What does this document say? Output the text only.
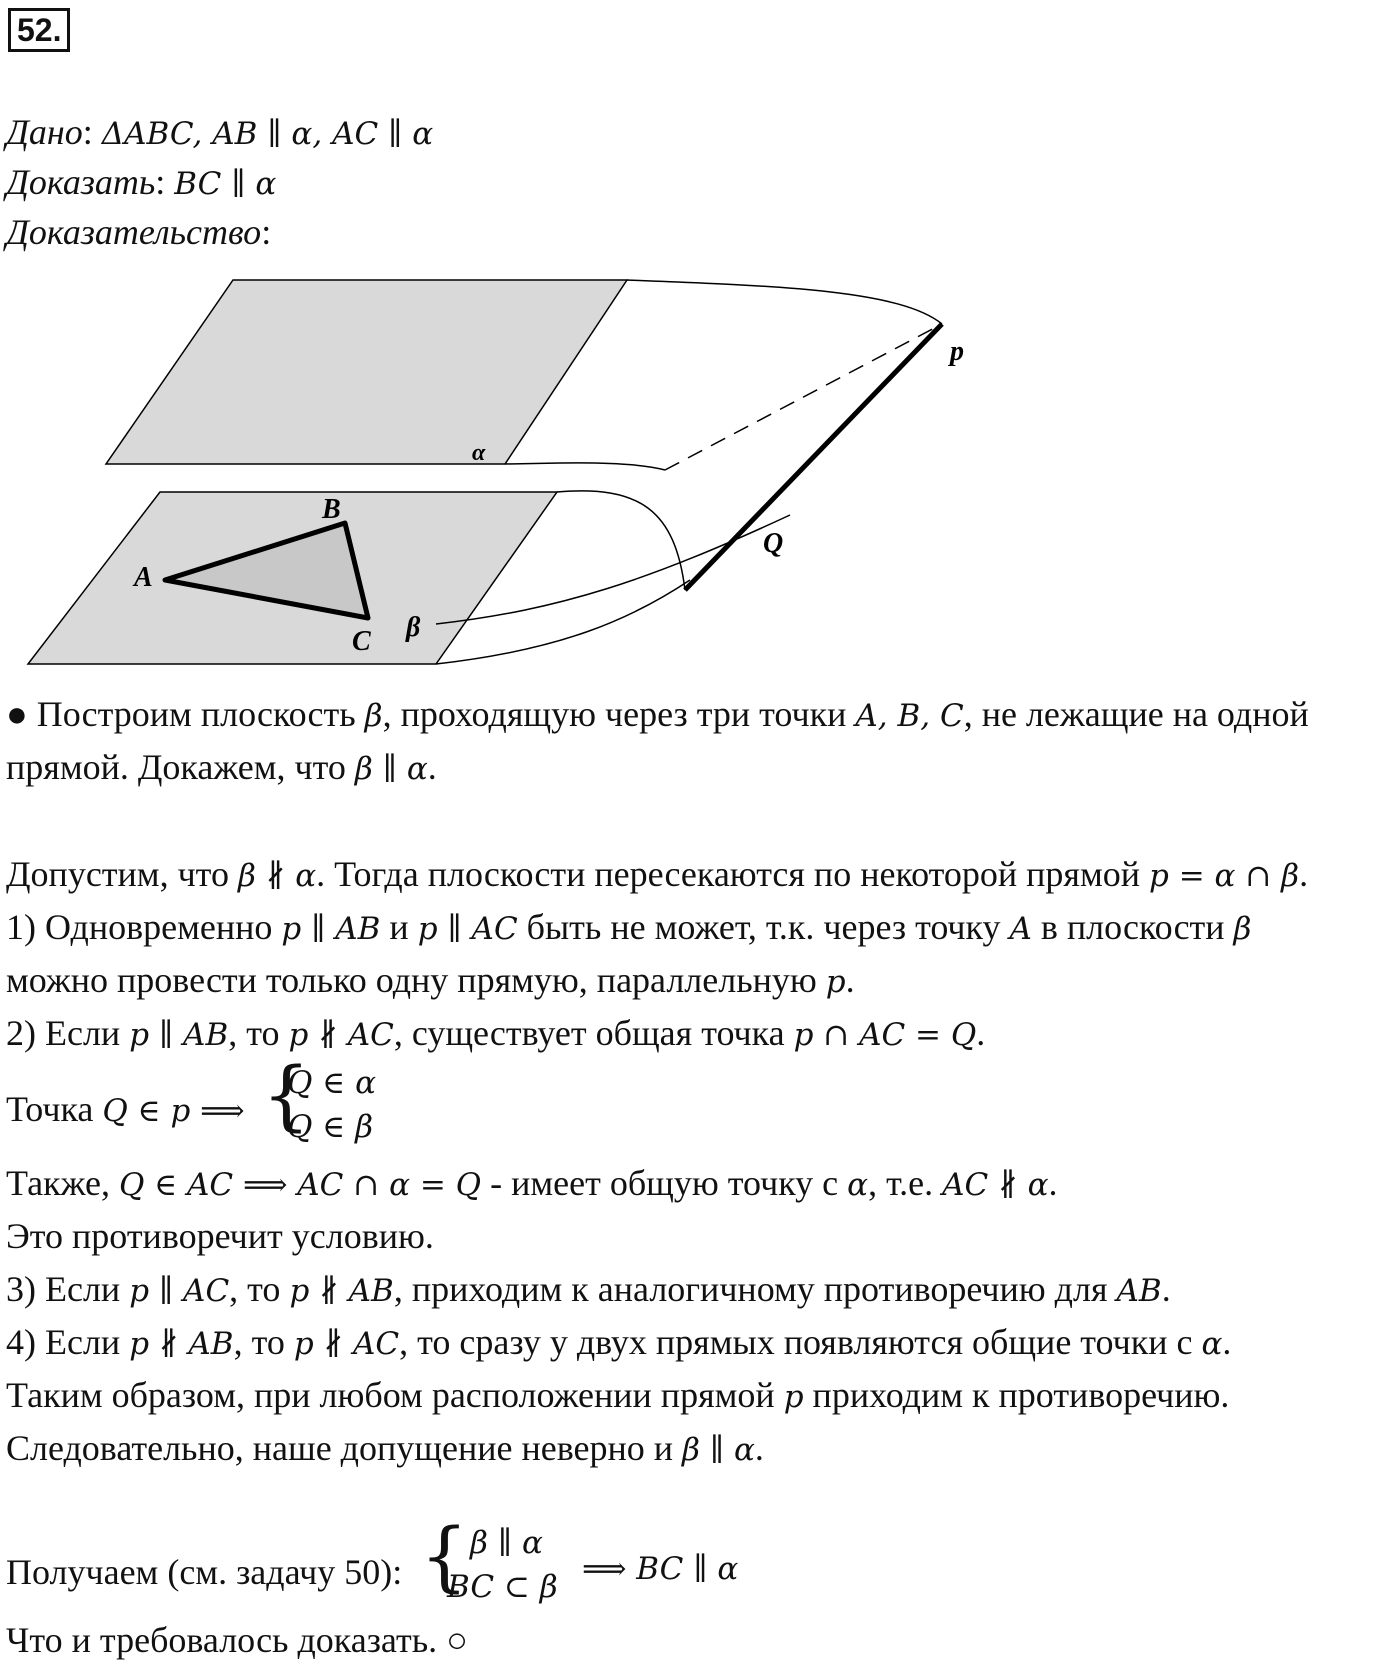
52.
Дано: ΔABC, AB ∥ α, AC ∥ α
Доказать: BC ∥ α
Доказательство:
p
α
B
A
Q
C β
● Построим плоскость β, проходящую через три точки A, B, C, не лежащие на одной
прямой. Докажем, что β ∥ α.
Допустим, что β ∦ α. Тогда плоскости пересекаются по некоторой прямой p = α ∩ β.
1) Одновременно p ∥ AB и p ∥ AC быть не может, т.к. через точку A в плоскости β
можно провести только одну прямую, параллельную p.
2) Если p ∥ AB, то p ∦ AC, существует общая точка p ∩ AC = Q.
Точка Q ∈ p ⟹ {
Q ∈ α
Q ∈ β
Также, Q ∈ AC ⟹ AC ∩ α = Q - имеет общую точку с α, т.е. AC ∦ α.
Это противоречит условию.
3) Если p ∥ AC, то p ∦ AB, приходим к аналогичному противоречию для AB.
4) Если p ∦ AB, то p ∦ AC, то сразу у двух прямых появляются общие точки с α.
Таким образом, при любом расположении прямой p приходим к противоречию.
Следовательно, наше допущение неверно и β ∥ α.
Получаем (см. задачу 50): { β ∥ α
BC ⊂ β ⟹ BC ∥ α
Что и требовалось доказать. ○
